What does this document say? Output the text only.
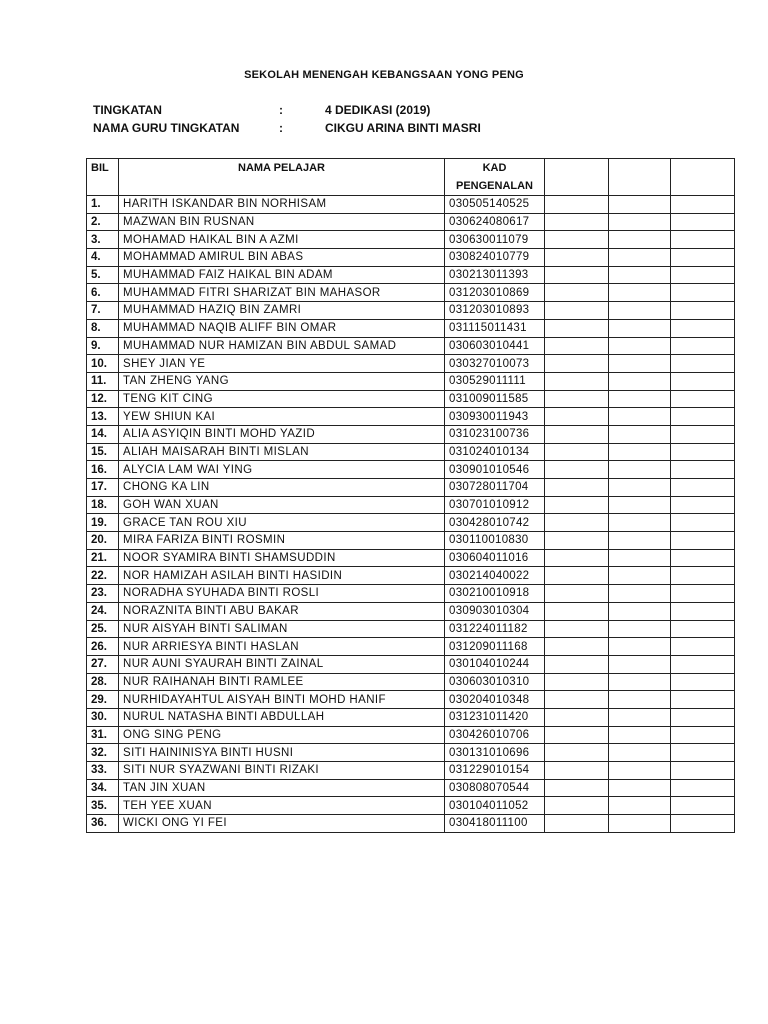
SEKOLAH MENENGAH KEBANGSAAN YONG PENG
TINGKATAN	:	4 DEDIKASI (2019)
NAMA GURU TINGKATAN	:	CIKGU ARINA BINTI MASRI
BIL	NAMA PELAJAR	KAD
PENGENALAN			

1.	HARITH ISKANDAR BIN NORHISAM	030505140525			
2.	MAZWAN BIN RUSNAN	030624080617			
3.	MOHAMAD HAIKAL BIN A AZMI	030630011079			
4.	MOHAMMAD AMIRUL BIN ABAS	030824010779			
5.	MUHAMMAD FAIZ HAIKAL BIN ADAM	030213011393			
6.	MUHAMMAD FITRI SHARIZAT BIN MAHASOR	031203010869			
7.	MUHAMMAD HAZIQ BIN ZAMRI	031203010893			
8.	MUHAMMAD NAQIB ALIFF BIN OMAR	031115011431			
9.	MUHAMMAD NUR HAMIZAN BIN ABDUL SAMAD	030603010441			
10.	SHEY JIAN YE	030327010073			
11.	TAN ZHENG YANG	030529011111			
12.	TENG KIT CING	031009011585			
13.	YEW SHIUN KAI	030930011943			
14.	ALIA ASYIQIN BINTI MOHD YAZID	031023100736			
15.	ALIAH MAISARAH BINTI MISLAN	031024010134			
16.	ALYCIA LAM WAI YING	030901010546			
17.	CHONG KA LIN	030728011704			
18.	GOH WAN XUAN	030701010912			
19.	GRACE TAN ROU XIU	030428010742			
20.	MIRA FARIZA BINTI ROSMIN	030110010830			
21.	NOOR SYAMIRA BINTI SHAMSUDDIN	030604011016			
22.	NOR HAMIZAH ASILAH BINTI HASIDIN	030214040022			
23.	NORADHA SYUHADA BINTI ROSLI	030210010918			
24.	NORAZNITA BINTI ABU BAKAR	030903010304			
25.	NUR AISYAH BINTI SALIMAN	031224011182			
26.	NUR ARRIESYA BINTI HASLAN	031209011168			
27.	NUR AUNI SYAURAH BINTI ZAINAL	030104010244			
28.	NUR RAIHANAH BINTI RAMLEE	030603010310			
29.	NURHIDAYAHTUL AISYAH BINTI MOHD HANIF	030204010348			
30.	NURUL NATASHA BINTI ABDULLAH	031231011420			
31.	ONG SING PENG	030426010706			
32.	SITI HAININISYA BINTI HUSNI	030131010696			
33.	SITI NUR SYAZWANI BINTI RIZAKI	031229010154			
34.	TAN JIN XUAN	030808070544			
35.	TEH YEE XUAN	030104011052			
36.	WICKI ONG YI FEI	030418011100			
